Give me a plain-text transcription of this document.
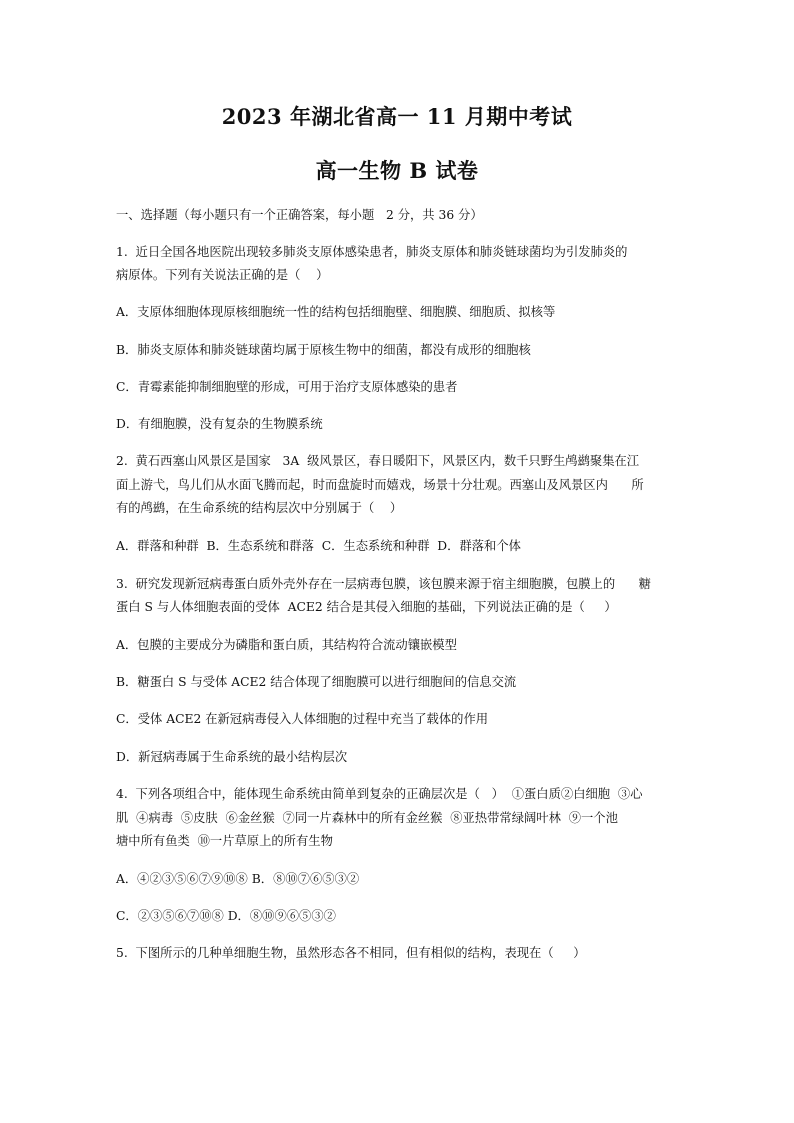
2023 年湖北省高一 11 月期中考试
高一生物 B 试卷

一、选择题（每小题只有一个正确答案，每小题   2 分，共 36 分）

1.  近日全国各地医院出现较多肺炎支原体感染患者，肺炎支原体和肺炎链球菌均为引发肺炎的

病原体。下列有关说法正确的是（    ）

A．支原体细胞体现原核细胞统一性的结构包括细胞壁、细胞膜、细胞质、拟核等

B．肺炎支原体和肺炎链球菌均属于原核生物中的细菌，都没有成形的细胞核

C．青霉素能抑制细胞壁的形成，可用于治疗支原体感染的患者

D．有细胞膜，没有复杂的生物膜系统

2.  黄石西塞山风景区是国家   3A  级风景区，春日暖阳下，风景区内，数千只野生鸬鹚聚集在江

面上游弋，鸟儿们从水面飞腾而起，时而盘旋时而嬉戏，场景十分壮观。西塞山及风景区内      所

有的鸬鹚，在生命系统的结构层次中分别属于（    ）

A．群落和种群  B．生态系统和群落  C．生态系统和种群  D．群落和个体

3.  研究发现新冠病毒蛋白质外壳外存在一层病毒包膜，该包膜来源于宿主细胞膜，包膜上的      糖

蛋白 S 与人体细胞表面的受体  ACE2 结合是其侵入细胞的基础，下列说法正确的是（     ）

A．包膜的主要成分为磷脂和蛋白质，其结构符合流动镶嵌模型

B．糖蛋白 S 与受体 ACE2 结合体现了细胞膜可以进行细胞间的信息交流

C．受体 ACE2 在新冠病毒侵入人体细胞的过程中充当了载体的作用

D．新冠病毒属于生命系统的最小结构层次

4.  下列各项组合中，能体现生命系统由简单到复杂的正确层次是（   ）  ①蛋白质②白细胞  ③心

肌  ④病毒  ⑤皮肤  ⑥金丝猴  ⑦同一片森林中的所有金丝猴  ⑧亚热带常绿阔叶林  ⑨一个池

塘中所有鱼类  ⑩一片草原上的所有生物

A．④②③⑤⑥⑦⑨⑩⑧ B．⑧⑩⑦⑥⑤③②

C．②③⑤⑥⑦⑩⑧ D．⑧⑩⑨⑥⑤③②

5.  下图所示的几种单细胞生物，虽然形态各不相同，但有相似的结构，表现在（     ）
